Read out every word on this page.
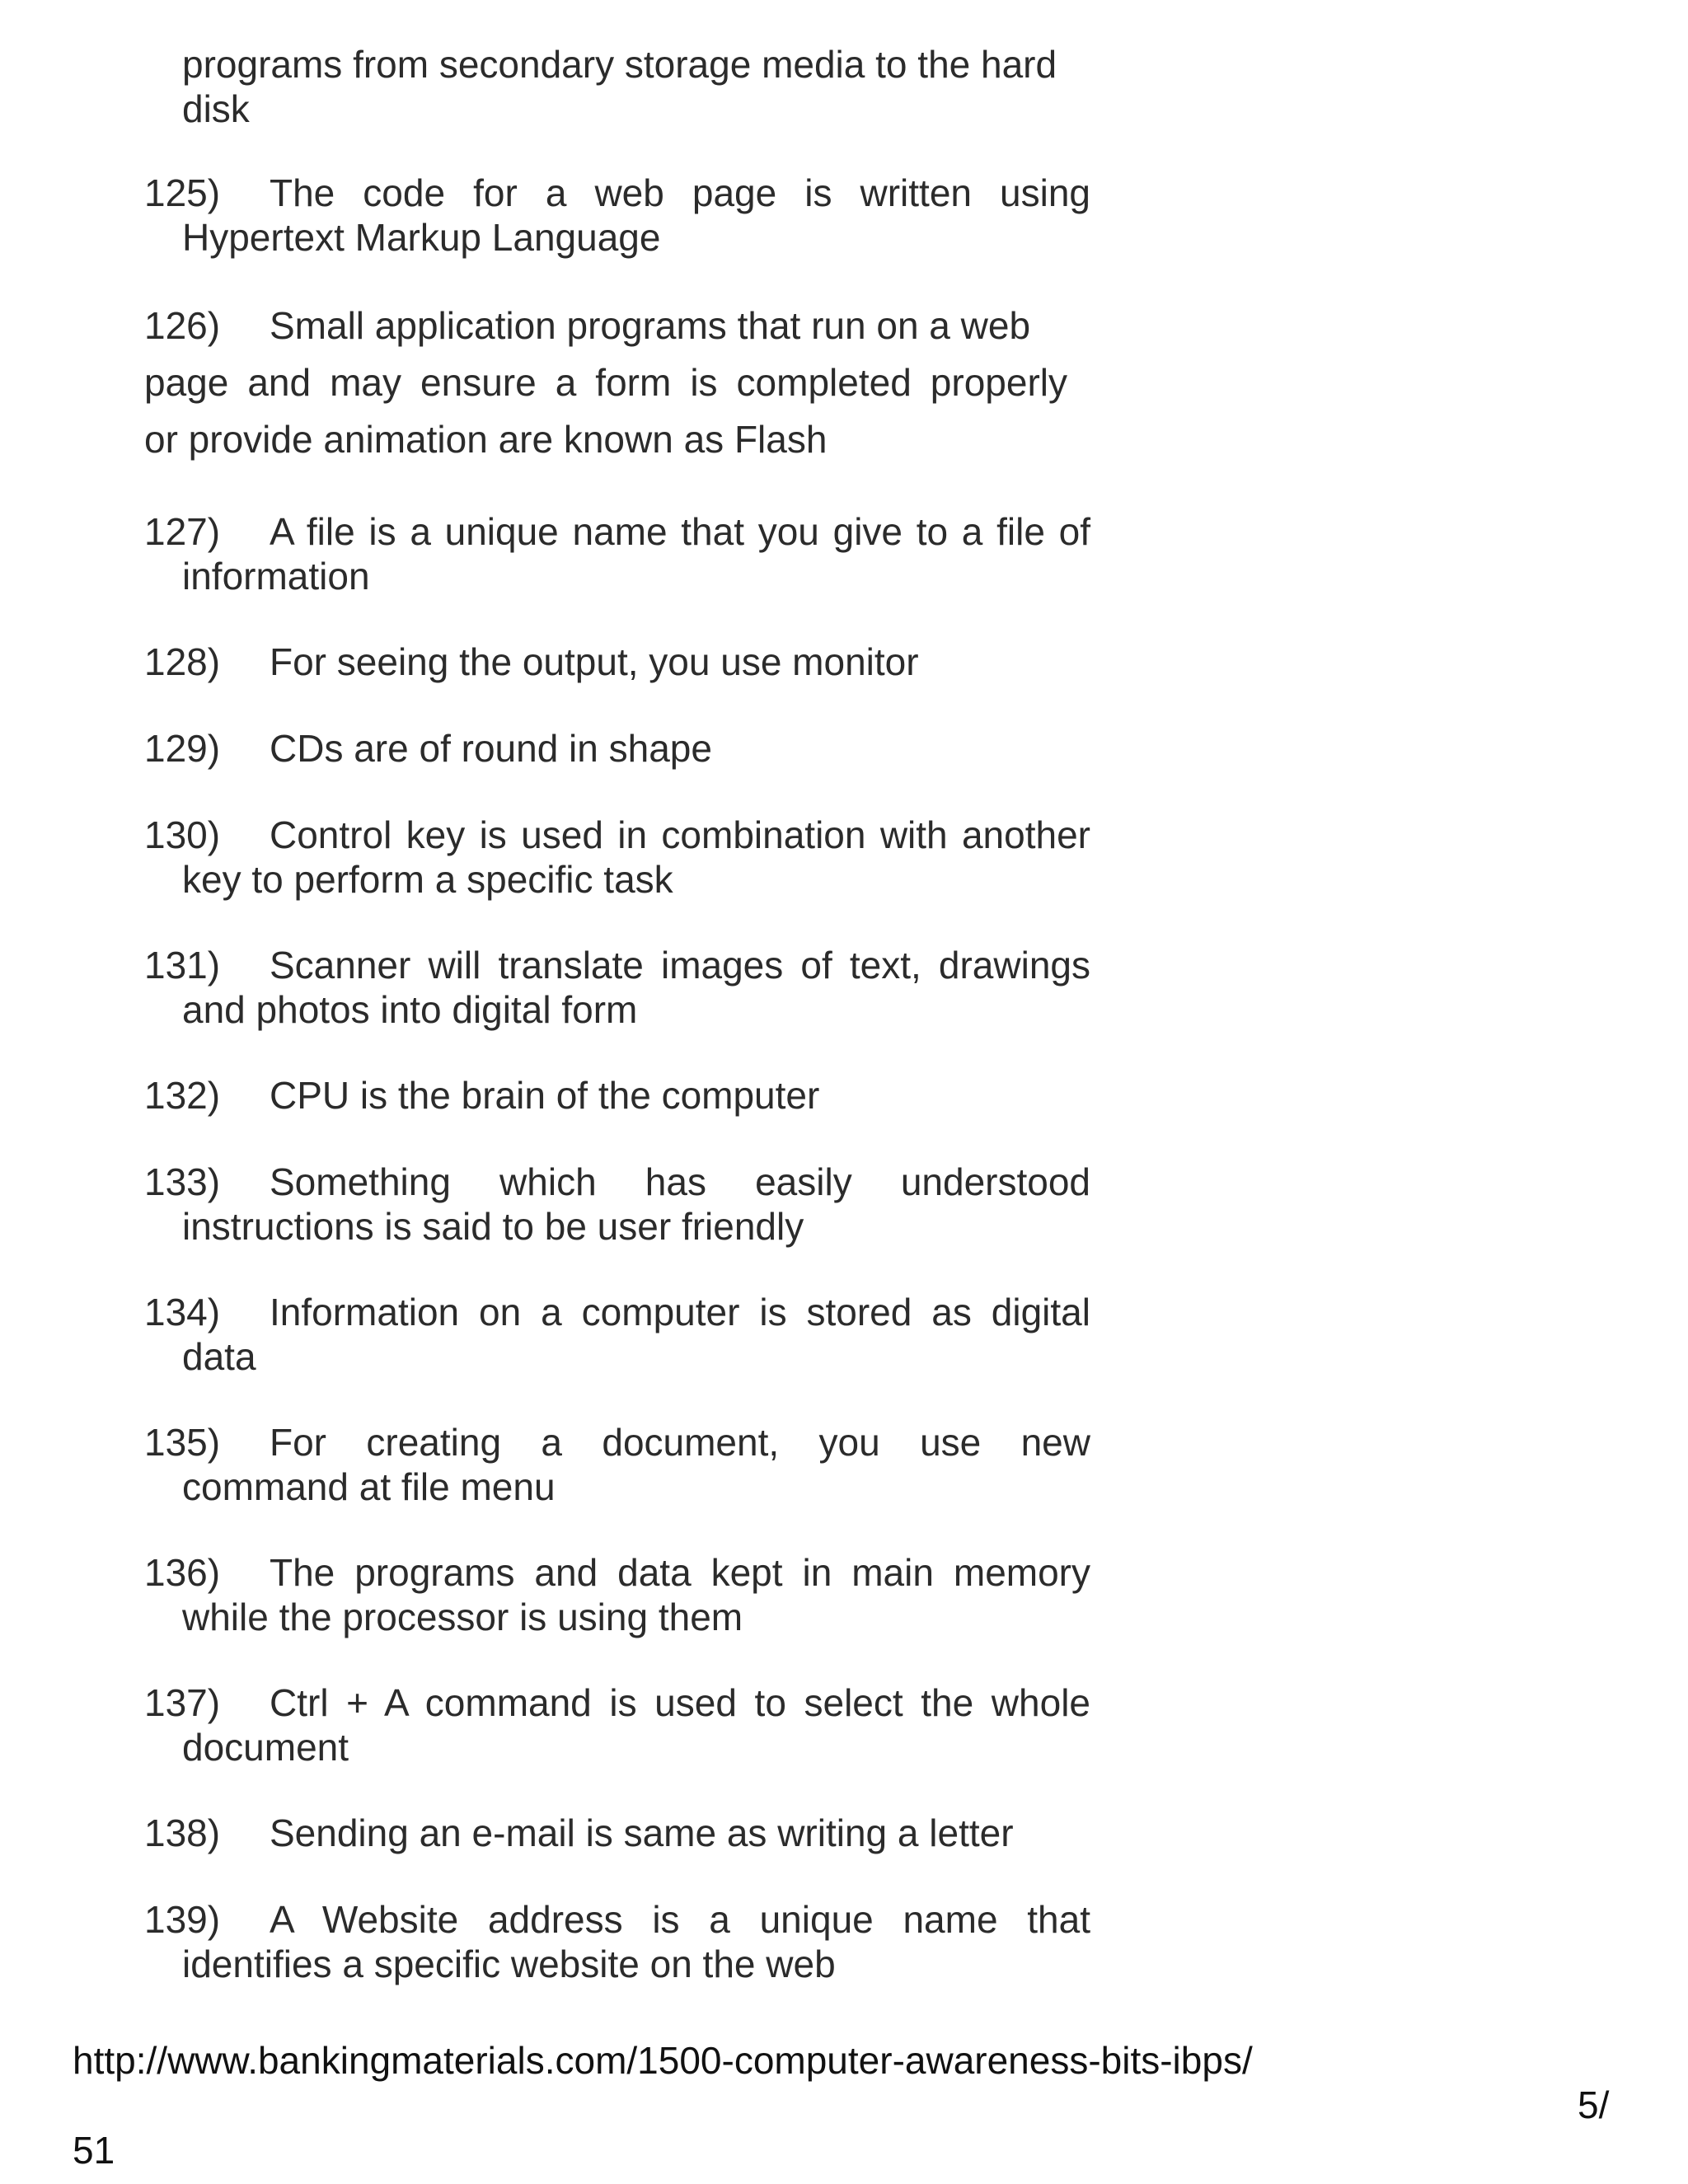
programs from secondary storage media to the hard
disk
125) The code for a web page is written using
Hypertext Markup Language
126) Small application programs that run on a web
page and may ensure a form is completed properly
or provide animation are known as Flash
127) A file is a unique name that you give to a file of
information
128) For seeing the output, you use monitor
129) CDs are of round in shape
130) Control key is used in combination with another
key to perform a specific task
131) Scanner will translate images of text, drawings
and photos into digital form
132) CPU is the brain of the computer
133) Something which has easily understood
instructions is said to be user friendly
134) Information on a computer is stored as digital
data
135) For creating a document, you use new
command at file menu
136) The programs and data kept in main memory
while the processor is using them
137) Ctrl + A command is used to select the whole
document
138) Sending an e-mail is same as writing a letter
139) A Website address is a unique name that
identifies a specific website on the web
http://www.bankingmaterials.com/1500-computer-awareness-bits-ibps/
5/
51
